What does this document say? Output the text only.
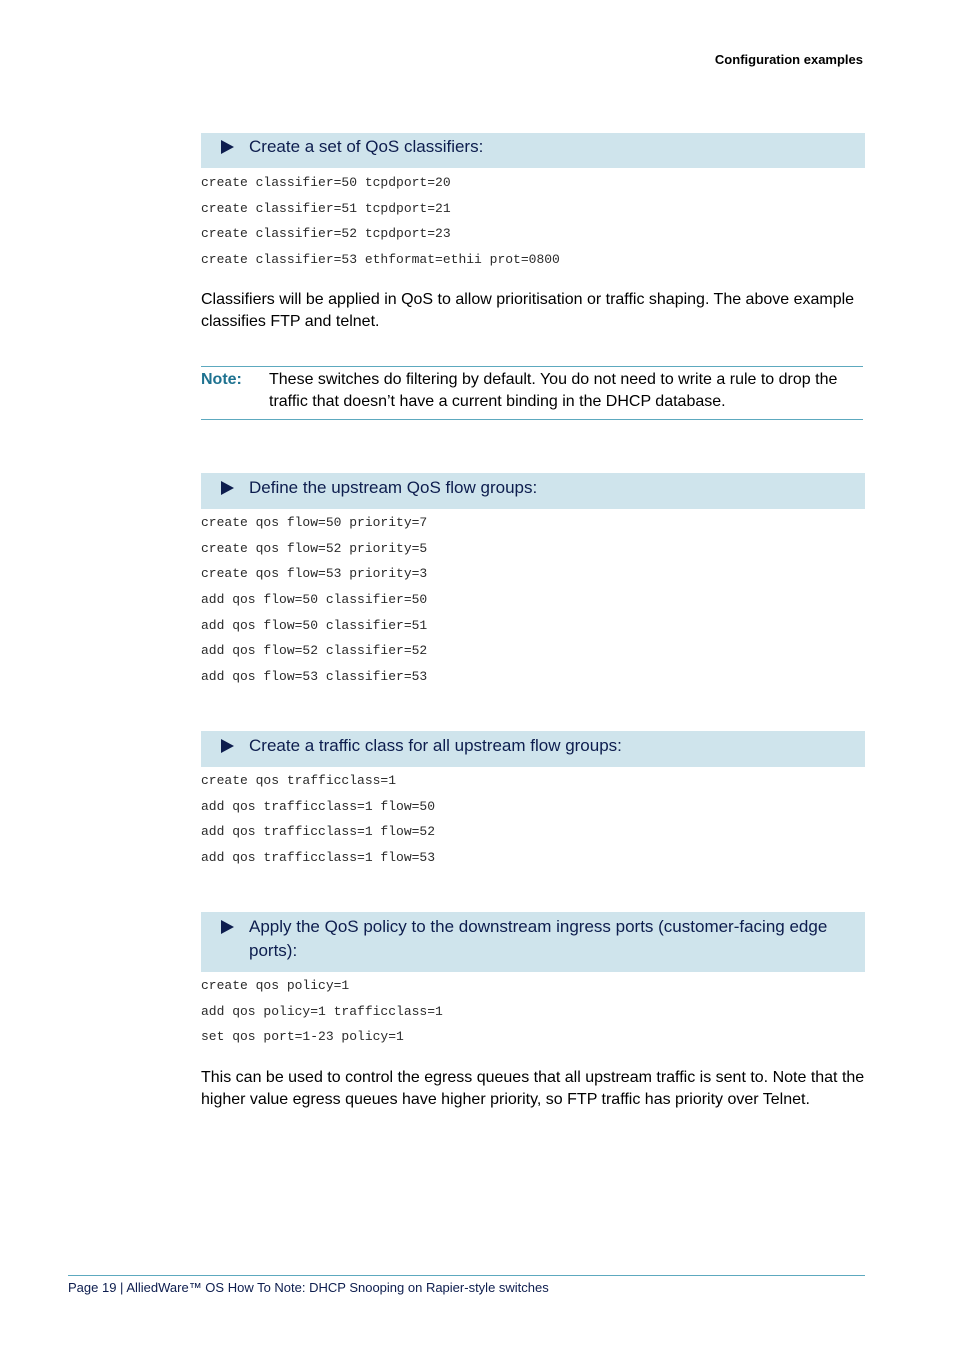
Configuration examples
Create a set of QoS classifiers:
create classifier=50 tcpdport=20
create classifier=51 tcpdport=21
create classifier=52 tcpdport=23
create classifier=53 ethformat=ethii prot=0800

Classifiers will be applied in QoS to allow prioritisation or traffic shaping. The above example classifies FTP and telnet.

Note:	These switches do filtering by default. You do not need to write a rule to drop the traffic that doesn’t have a current binding in the DHCP database.
Define the upstream QoS flow groups:
create qos flow=50 priority=7
create qos flow=52 priority=5
create qos flow=53 priority=3
add qos flow=50 classifier=50
add qos flow=50 classifier=51
add qos flow=52 classifier=52
add qos flow=53 classifier=53
Create a traffic class for all upstream flow groups:
create qos trafficclass=1
add qos trafficclass=1 flow=50
add qos trafficclass=1 flow=52
add qos trafficclass=1 flow=53
Apply the QoS policy to the downstream ingress ports (customer-facing edge ports):
create qos policy=1
add qos policy=1 trafficclass=1
set qos port=1-23 policy=1

This can be used to control the egress queues that all upstream traffic is sent to. Note that the higher value egress queues have higher priority, so FTP traffic has priority over Telnet.

Page 19 | AlliedWare™ OS How To Note: DHCP Snooping on Rapier-style switches
